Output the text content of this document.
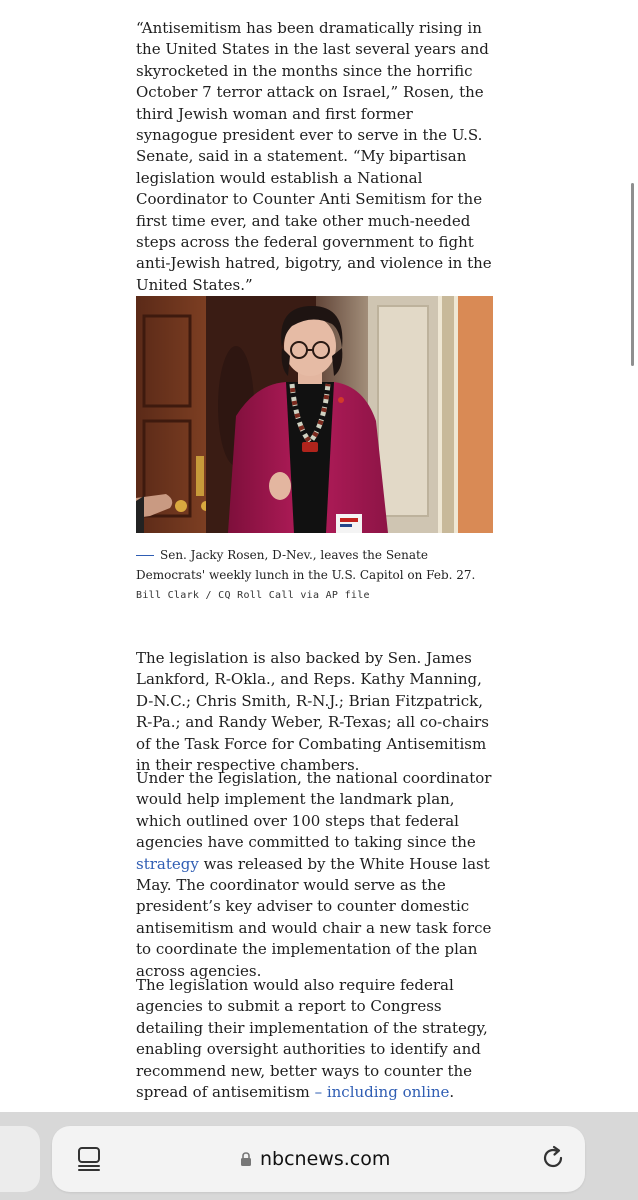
“Antisemitism has been dramatically rising in the United States in the last several years and skyrocketed in the months since the horrific October 7 terror attack on Israel,” Rosen, the third Jewish woman and first former synagogue president ever to serve in the U.S. Senate, said in a statement. “My bipartisan legislation would establish a National Coordinator to Counter Anti Semitism for the first time ever, and take other much-needed steps across the federal government to fight anti-Jewish hatred, bigotry, and violence in the United States.”

Sen. Jacky Rosen, D-Nev., leaves the Senate Democrats' weekly lunch in the U.S. Capitol on Feb. 27. Bill Clark / CQ Roll Call via AP file

The legislation is also backed by Sen. James Lankford, R-Okla., and Reps. Kathy Manning, D-N.C.; Chris Smith, R-N.J.; Brian Fitzpatrick, R-Pa.; and Randy Weber, R-Texas; all co-chairs of the Task Force for Combating Antisemitism in their respective chambers.

Under the legislation, the national coordinator would help implement the landmark plan, which outlined over 100 steps that federal agencies have committed to taking since the strategy was released by the White House last May. The coordinator would serve as the president’s key adviser to counter domestic antisemitism and would chair a new task force to coordinate the implementation of the plan across agencies.

The legislation would also require federal agencies to submit a report to Congress detailing their implementation of the strategy, enabling oversight authorities to identify and recommend new, better ways to counter the spread of antisemitism – including online.

nbcnews.com
